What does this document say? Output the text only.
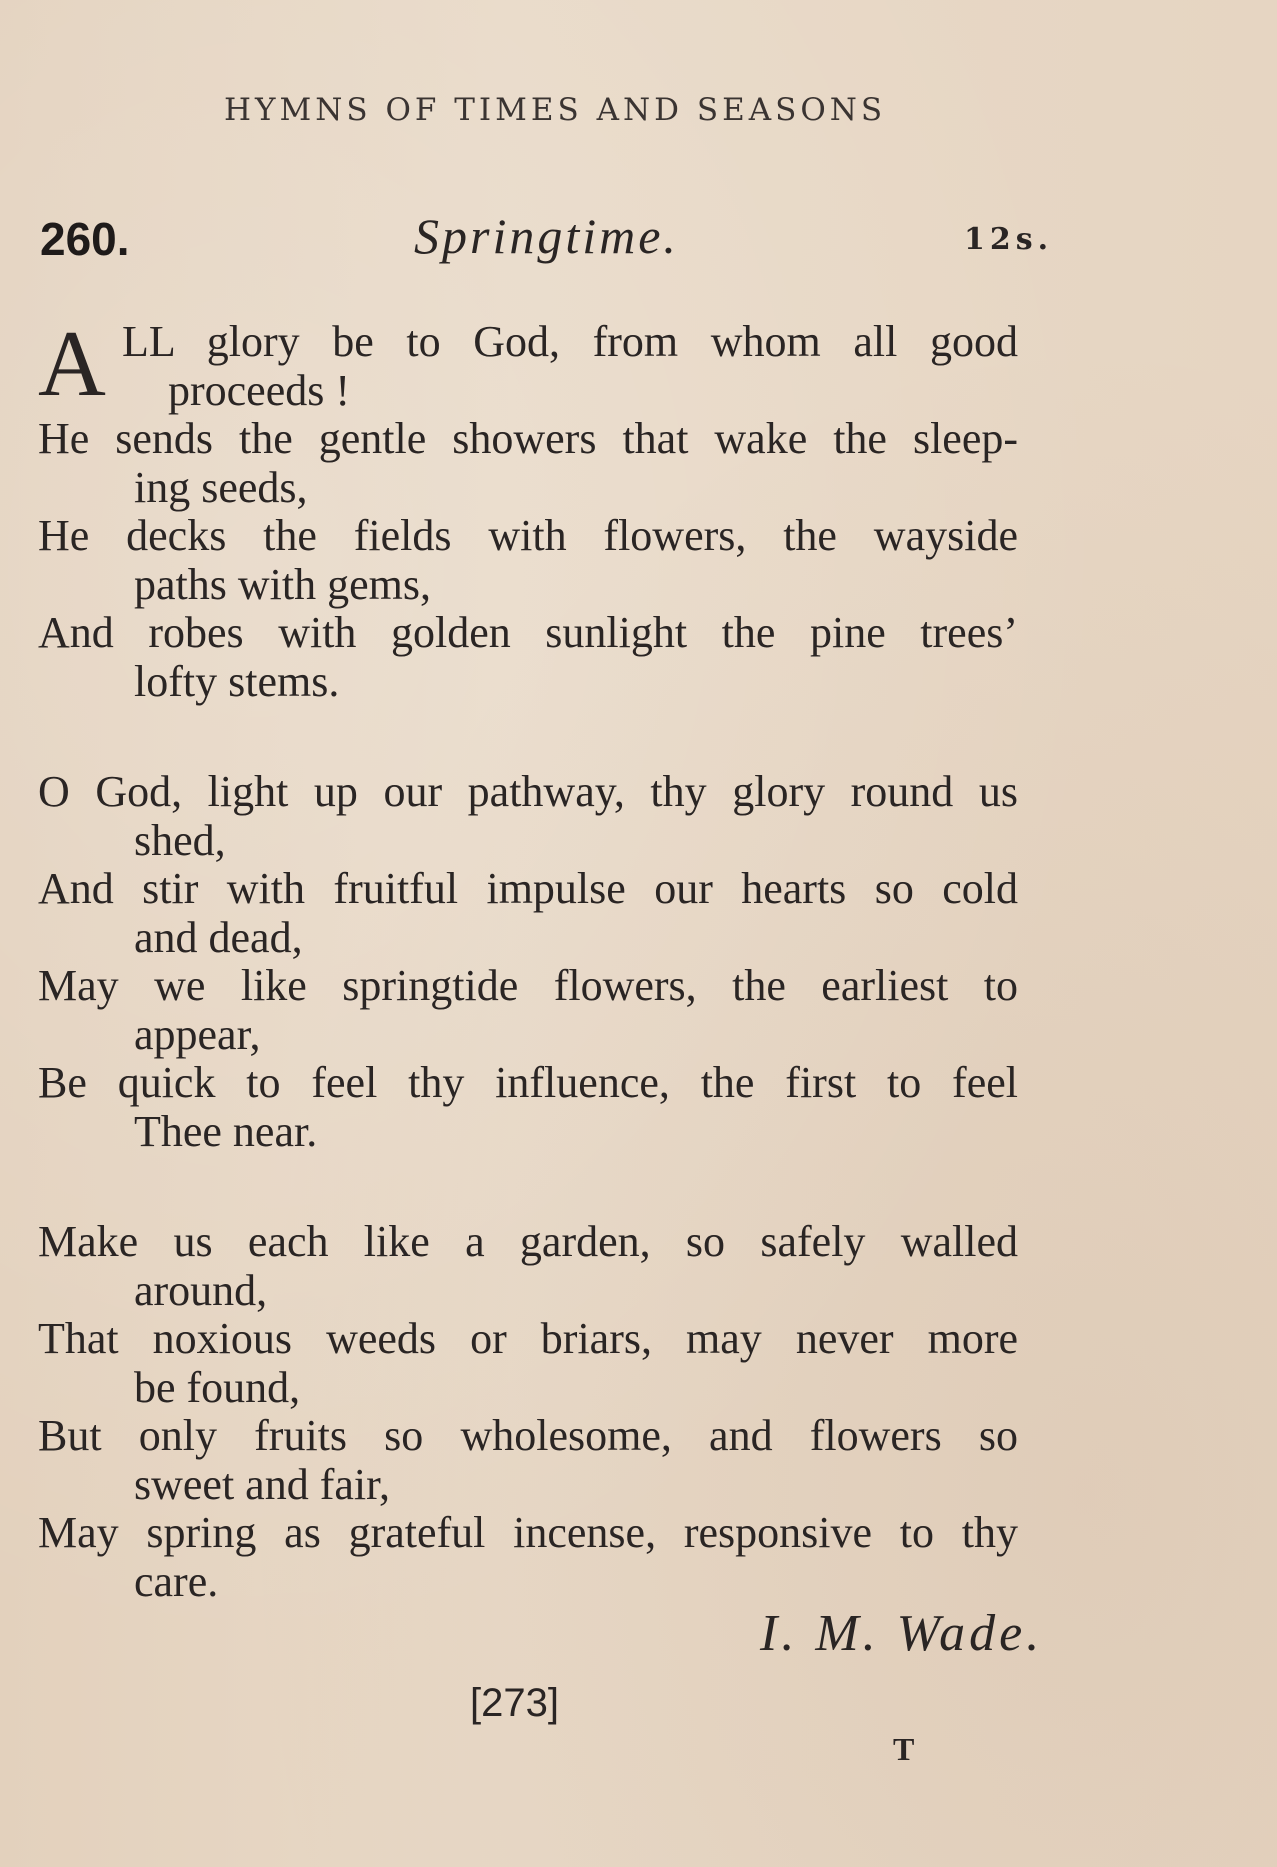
HYMNS OF TIMES AND SEASONS
260.	Springtime.	12s.
A LL glory be to God, from whom all good
proceeds !
He sends the gentle showers that wake the sleep-
ing seeds,
He decks the fields with flowers, the wayside
paths with gems,
And robes with golden sunlight the pine trees’
lofty stems.
O God, light up our pathway, thy glory round us
shed,
And stir with fruitful impulse our hearts so cold
and dead,
May we like springtide flowers, the earliest to
appear,
Be quick to feel thy influence, the first to feel
Thee near.
Make us each like a garden, so safely walled
around,
That noxious weeds or briars, may never more
be found,
But only fruits so wholesome, and flowers so
sweet and fair,
May spring as grateful incense, responsive to thy
care.
I. M. Wade.
[273]
T
